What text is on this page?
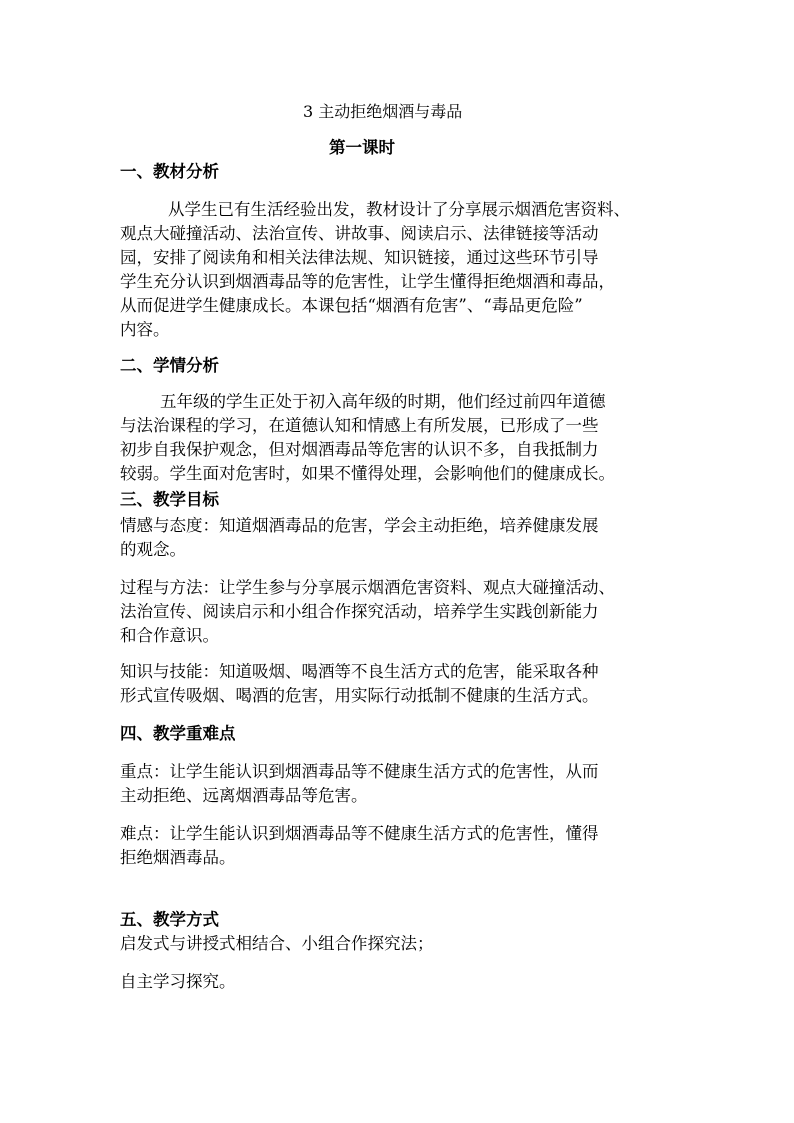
3 主动拒绝烟酒与毒品
第一课时
一、教材分析
从学生已有生活经验出发，教材设计了分享展示烟酒危害资料、
观点大碰撞活动、法治宣传、讲故事、阅读启示、法律链接等活动
园，安排了阅读角和相关法律法规、知识链接，通过这些环节引导
学生充分认识到烟酒毒品等的危害性，让学生懂得拒绝烟酒和毒品，
从而促进学生健康成长。本课包括“烟酒有危害”、“毒品更危险”
内容。
二、学情分析
五年级的学生正处于初入高年级的时期，他们经过前四年道德
与法治课程的学习，在道德认知和情感上有所发展，已形成了一些
初步自我保护观念，但对烟酒毒品等危害的认识不多，自我抵制力
较弱。学生面对危害时，如果不懂得处理，会影响他们的健康成长。
三、教学目标
情感与态度：知道烟酒毒品的危害，学会主动拒绝，培养健康发展
的观念。
过程与方法：让学生参与分享展示烟酒危害资料、观点大碰撞活动、
法治宣传、阅读启示和小组合作探究活动，培养学生实践创新能力
和合作意识。
知识与技能：知道吸烟、喝酒等不良生活方式的危害，能采取各种
形式宣传吸烟、喝酒的危害，用实际行动抵制不健康的生活方式。
四、教学重难点
重点：让学生能认识到烟酒毒品等不健康生活方式的危害性，从而
主动拒绝、远离烟酒毒品等危害。
难点：让学生能认识到烟酒毒品等不健康生活方式的危害性，懂得
拒绝烟酒毒品。
五、教学方式
启发式与讲授式相结合、小组合作探究法；
自主学习探究。
